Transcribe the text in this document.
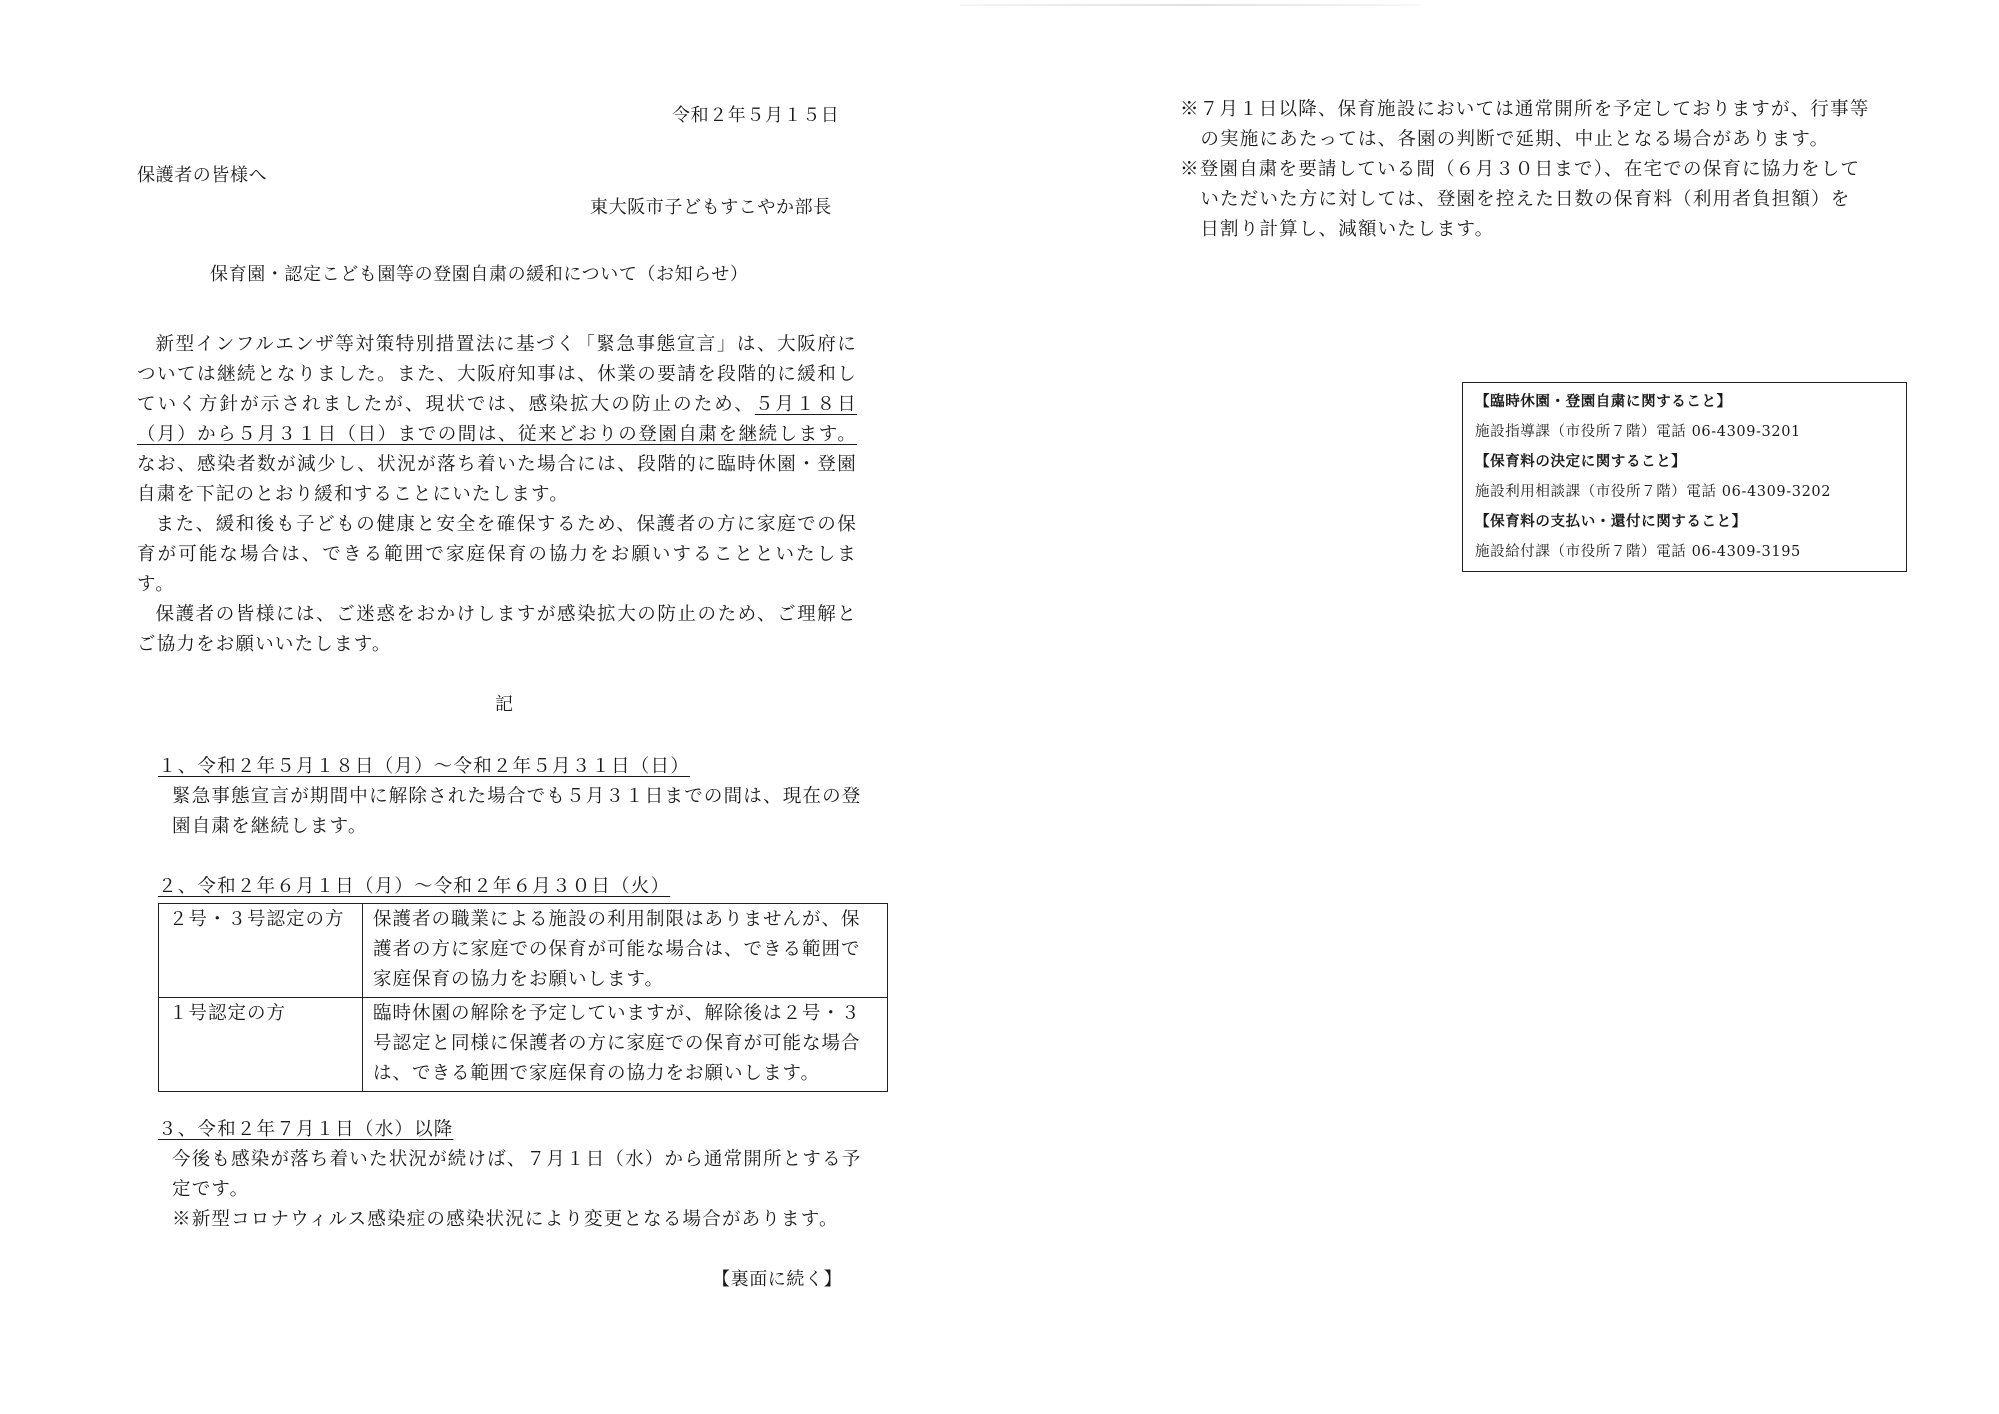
令和２年５月１５日
保護者の皆様へ
東大阪市子どもすこやか部長
保育園・認定こども園等の登園自粛の緩和について（お知らせ）
新型インフルエンザ等対策特別措置法に基づく「緊急事態宣言」は、大阪府については継続となりました。また、大阪府知事は、休業の要請を段階的に緩和していく方針が示されましたが、現状では、感染拡大の防止のため、５月１８日（月）から５月３１日（日）までの間は、従来どおりの登園自粛を継続します。なお、感染者数が減少し、状況が落ち着いた場合には、段階的に臨時休園・登園自粛を下記のとおり緩和することにいたします。
また、緩和後も子どもの健康と安全を確保するため、保護者の方に家庭での保育が可能な場合は、できる範囲で家庭保育の協力をお願いすることといたします。
保護者の皆様には、ご迷惑をおかけしますが感染拡大の防止のため、ご理解とご協力をお願いいたします。
記
１、令和２年５月１８日（月）～令和２年５月３１日（日）
緊急事態宣言が期間中に解除された場合でも５月３１日までの間は、現在の登園自粛を継続します。
２、令和２年６月１日（月）～令和２年６月３０日（火）
２号・３号認定の方	保護者の職業による施設の利用制限はありませんが、保護者の方に家庭での保育が可能な場合は、できる範囲で家庭保育の協力をお願いします。
１号認定の方	臨時休園の解除を予定していますが、解除後は２号・３号認定と同様に保護者の方に家庭での保育が可能な場合は、できる範囲で家庭保育の協力をお願いします。
３、令和２年７月１日（水）以降
今後も感染が落ち着いた状況が続けば、７月１日（水）から通常開所とする予定です。
※新型コロナウィルス感染症の感染状況により変更となる場合があります。
【裏面に続く】
※７月１日以降、保育施設においては通常開所を予定しておりますが、行事等の実施にあたっては、各園の判断で延期、中止となる場合があります。
※登園自粛を要請している間（６月３０日まで）、在宅での保育に協力をしていただいた方に対しては、登園を控えた日数の保育料（利用者負担額）を日割り計算し、減額いたします。
【臨時休園・登園自粛に関すること】
施設指導課（市役所７階）電話 06-4309-3201
【保育料の決定に関すること】
施設利用相談課（市役所７階）電話 06-4309-3202
【保育料の支払い・還付に関すること】
施設給付課（市役所７階）電話 06-4309-3195
